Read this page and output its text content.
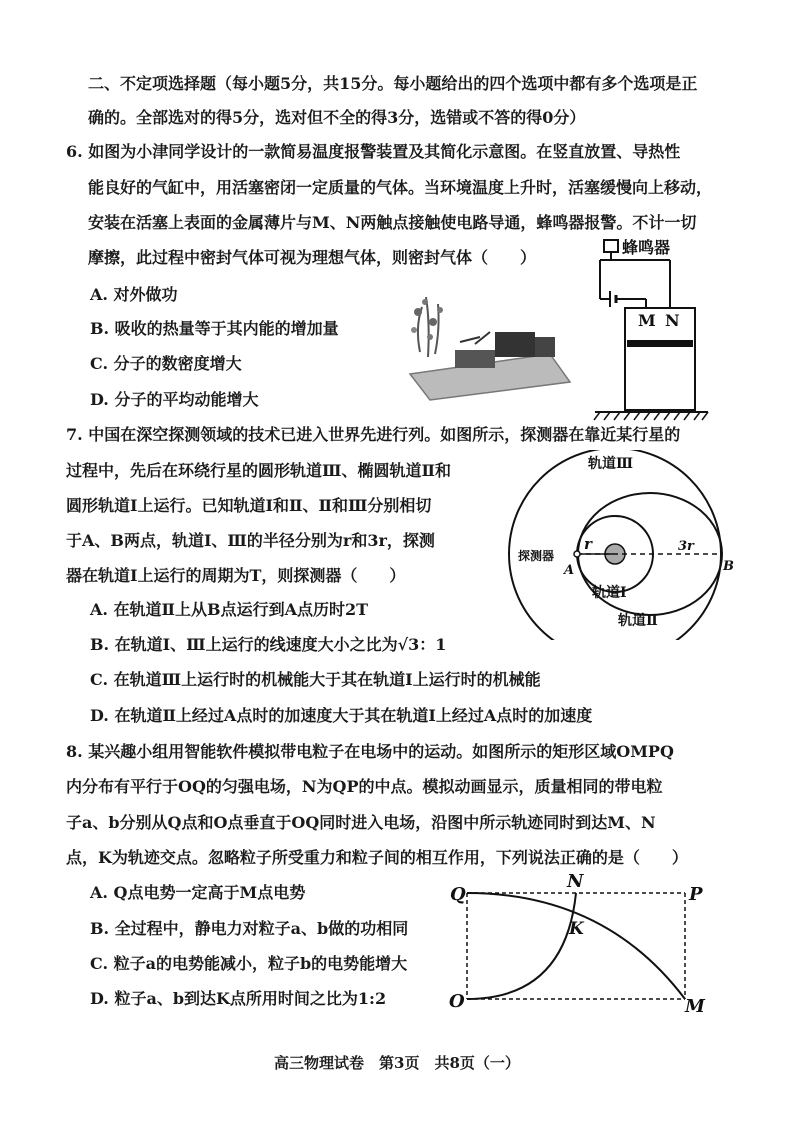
二、不定项选择题（每小题5分，共15分。每小题给出的四个选项中都有多个选项是正
确的。全部选对的得5分，选对但不全的得3分，选错或不答的得0分）
6. 如图为小津同学设计的一款简易温度报警装置及其简化示意图。在竖直放置、导热性
能良好的气缸中，用活塞密闭一定质量的气体。当环境温度上升时，活塞缓慢向上移动，
安装在活塞上表面的金属薄片与M、N两触点接触使电路导通，蜂鸣器报警。不计一切
摩擦，此过程中密封气体可视为理想气体，则密封气体（　　）
A. 对外做功
B. 吸收的热量等于其内能的增加量
C. 分子的数密度增大
D. 分子的平均动能增大
蜂鸣器
M N
7. 中国在深空探测领域的技术已进入世界先进行列。如图所示，探测器在靠近某行星的
过程中，先后在环绕行星的圆形轨道Ⅲ、椭圆轨道Ⅱ和
圆形轨道Ⅰ上运行。已知轨道Ⅰ和Ⅱ、Ⅱ和Ⅲ分别相切
于A、B两点，轨道Ⅰ、Ⅲ的半径分别为r和3r，探测
器在轨道Ⅰ上运行的周期为T，则探测器（　　）
A. 在轨道Ⅱ上从B点运行到A点历时2T
B. 在轨道Ⅰ、Ⅲ上运行的线速度大小之比为√3：1
C. 在轨道Ⅲ上运行时的机械能大于其在轨道Ⅰ上运行时的机械能
D. 在轨道Ⅱ上经过A点时的加速度大于其在轨道Ⅰ上经过A点时的加速度
轨道Ⅲ
轨道Ⅰ
轨道Ⅱ
探测器
A	B
r	3r
8. 某兴趣小组用智能软件模拟带电粒子在电场中的运动。如图所示的矩形区域OMPQ
内分布有平行于OQ的匀强电场，N为QP的中点。模拟动画显示，质量相同的带电粒
子a、b分别从Q点和O点垂直于OQ同时进入电场，沿图中所示轨迹同时到达M、N
点，K为轨迹交点。忽略粒子所受重力和粒子间的相互作用，下列说法正确的是（　　）
A. Q点电势一定高于M点电势
B. 全过程中，静电力对粒子a、b做的功相同
C. 粒子a的电势能减小，粒子b的电势能增大
D. 粒子a、b到达K点所用时间之比为1:2
Q
N
P
K
O	M
高三物理试卷　第3页　共8页（一）
